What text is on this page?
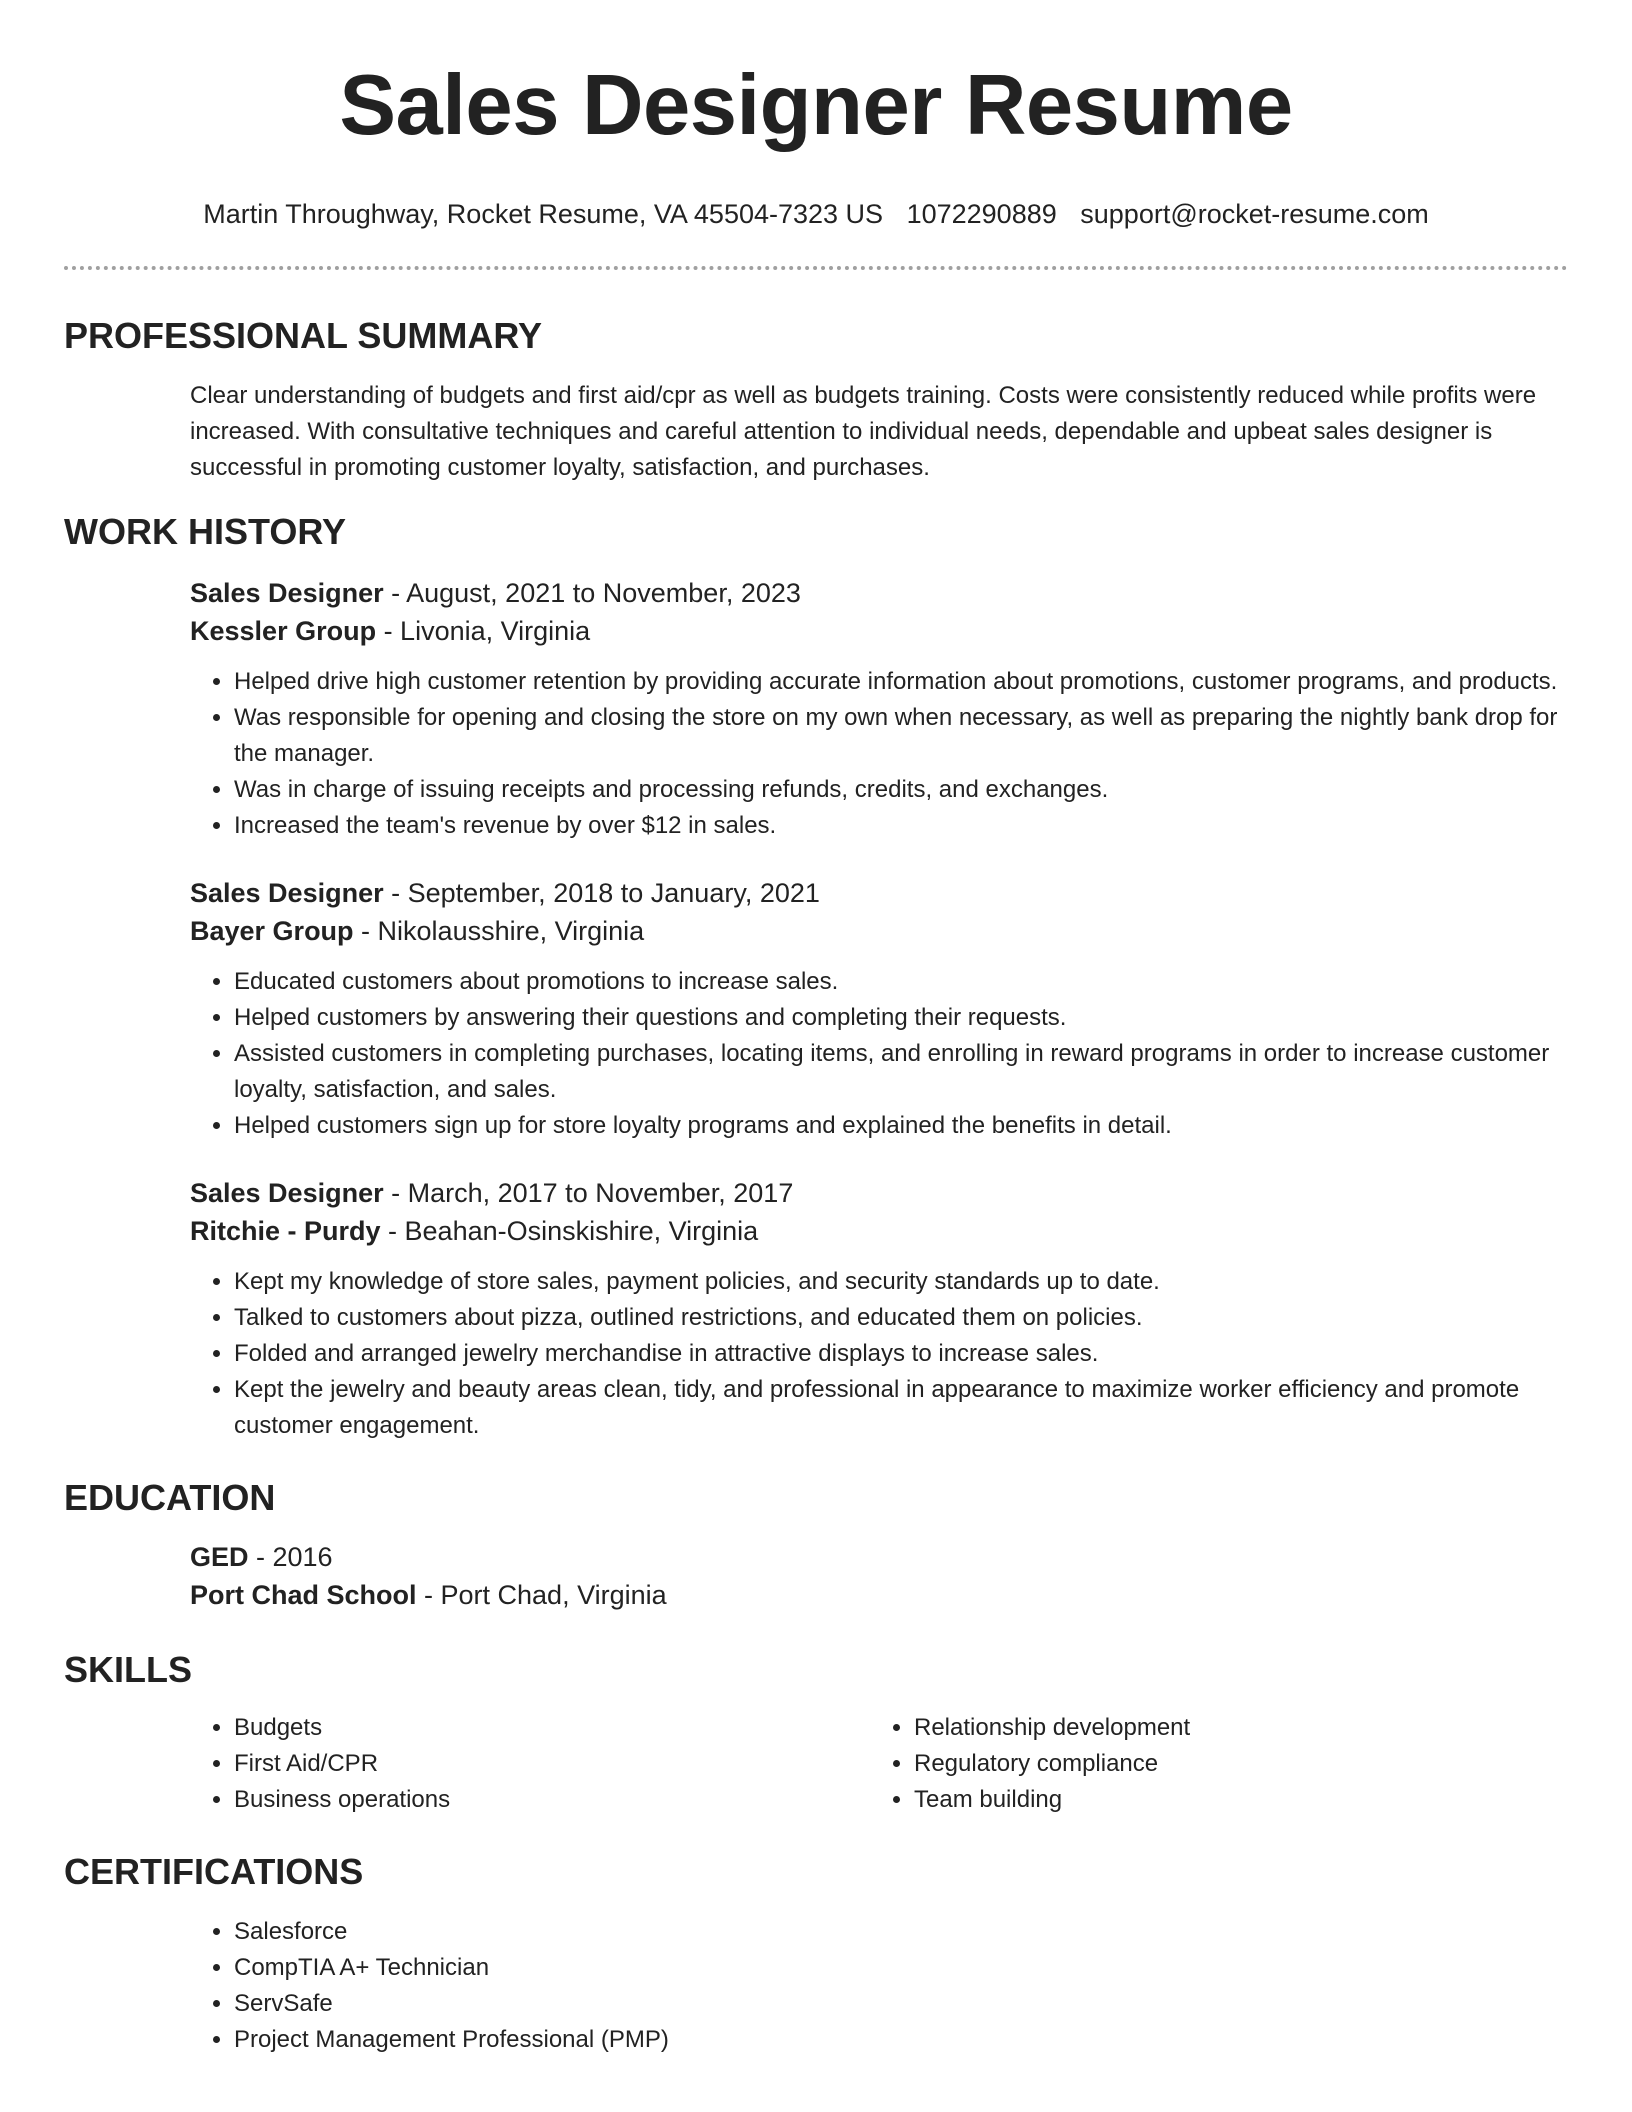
Sales Designer Resume
Martin Throughway, Rocket Resume, VA 45504-7323 US 1072290889 support@rocket-resume.com
PROFESSIONAL SUMMARY

Clear understanding of budgets and first aid/cpr as well as budgets training. Costs were consistently reduced while profits were increased. With consultative techniques and careful attention to individual needs, dependable and upbeat sales designer is successful in promoting customer loyalty, satisfaction, and purchases.

WORK HISTORY
Sales Designer - August, 2021 to November, 2023
Kessler Group - Livonia, Virginia
• Helped drive high customer retention by providing accurate information about promotions, customer programs, and products.
• Was responsible for opening and closing the store on my own when necessary, as well as preparing the nightly bank drop for the manager.
• Was in charge of issuing receipts and processing refunds, credits, and exchanges.
• Increased the team's revenue by over $12 in sales.
Sales Designer - September, 2018 to January, 2021
Bayer Group - Nikolausshire, Virginia
• Educated customers about promotions to increase sales.
• Helped customers by answering their questions and completing their requests.
• Assisted customers in completing purchases, locating items, and enrolling in reward programs in order to increase customer loyalty, satisfaction, and sales.
• Helped customers sign up for store loyalty programs and explained the benefits in detail.
Sales Designer - March, 2017 to November, 2017
Ritchie - Purdy - Beahan-Osinskishire, Virginia
• Kept my knowledge of store sales, payment policies, and security standards up to date.
• Talked to customers about pizza, outlined restrictions, and educated them on policies.
• Folded and arranged jewelry merchandise in attractive displays to increase sales.
• Kept the jewelry and beauty areas clean, tidy, and professional in appearance to maximize worker efficiency and promote customer engagement.
EDUCATION
GED - 2016
Port Chad School - Port Chad, Virginia
SKILLS
• Budgets
• First Aid/CPR
• Business operations
• Relationship development
• Regulatory compliance
• Team building
CERTIFICATIONS
• Salesforce
• CompTIA A+ Technician
• ServSafe
• Project Management Professional (PMP)
